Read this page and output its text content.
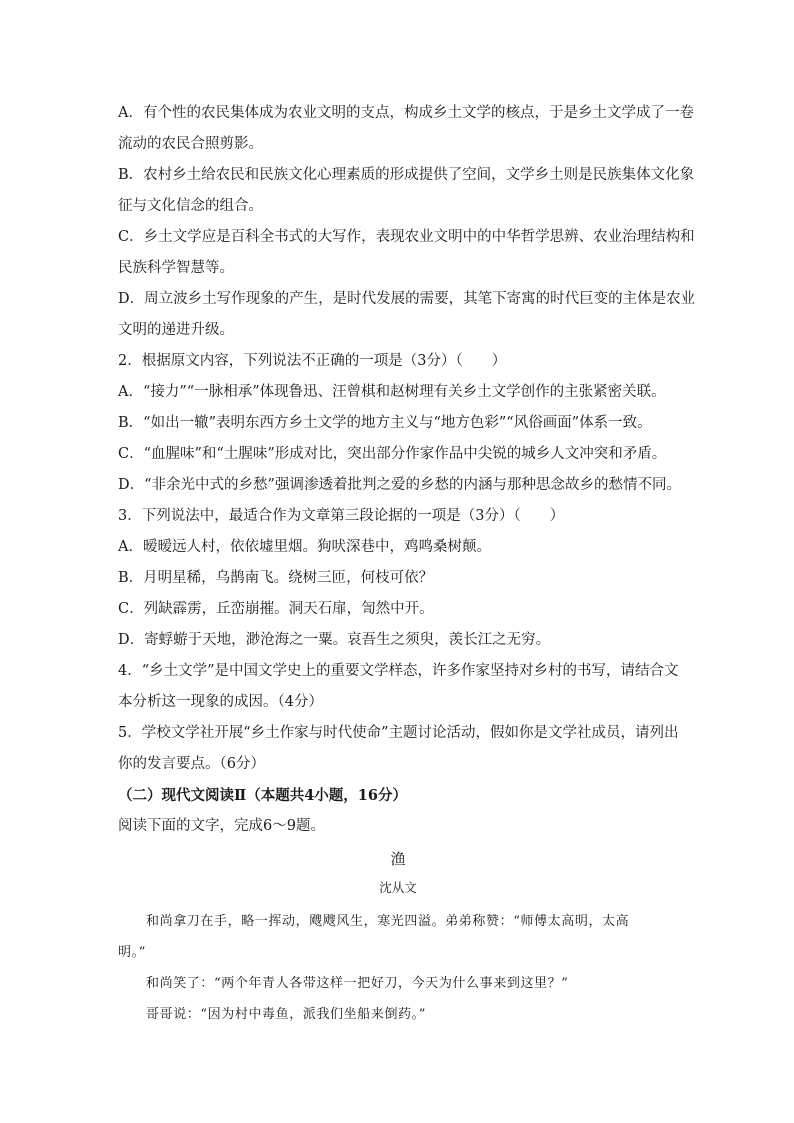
A．有个性的农民集体成为农业文明的支点，构成乡土文学的核点，于是乡土文学成了一卷
流动的农民合照剪影。
B．农村乡土给农民和民族文化心理素质的形成提供了空间，文学乡土则是民族集体文化象
征与文化信念的组合。
C．乡土文学应是百科全书式的大写作，表现农业文明中的中华哲学思辨、农业治理结构和
民族科学智慧等。
D．周立波乡土写作现象的产生，是时代发展的需要，其笔下寄寓的时代巨变的主体是农业
文明的递进升级。
2．根据原文内容，下列说法不正确的一项是（3分）（　　）
A．“接力”“一脉相承”体现鲁迅、汪曾棋和赵树理有关乡土文学创作的主张紧密关联。
B．“如出一辙”表明东西方乡土文学的地方主义与“地方色彩”“风俗画面”体系一致。
C．“血腥味”和“土腥味”形成对比，突出部分作家作品中尖锐的城乡人文冲突和矛盾。
D．“非余光中式的乡愁”强调渗透着批判之爱的乡愁的内涵与那种思念故乡的愁情不同。
3．下列说法中，最适合作为文章第三段论据的一项是（3分）（　　）
A．暧暧远人村，依依墟里烟。狗吠深巷中，鸡鸣桑树颠。
B．月明星稀，乌鹊南飞。绕树三匝，何枝可依？
C．列缺霹雳，丘峦崩摧。洞天石扉，訇然中开。
D．寄蜉蝣于天地，渺沧海之一粟。哀吾生之须臾，羡长江之无穷。
4．“乡土文学”是中国文学史上的重要文学样态，许多作家坚持对乡村的书写，请结合文
本分析这一现象的成因。（4分）
5．学校文学社开展“乡土作家与时代使命”主题讨论活动，假如你是文学社成员，请列出
你的发言要点。（6分）
（二）现代文阅读Ⅱ（本题共4小题，16分）
阅读下面的文字，完成6～9题。
渔
沈从文
和尚拿刀在手，略一挥动，飕飕风生，寒光四溢。弟弟称赞：“师傅太高明，太高
明。”
和尚笑了：“两个年青人各带这样一把好刀，今天为什么事来到这里？”
哥哥说：“因为村中毒鱼，派我们坐船来倒药。”
